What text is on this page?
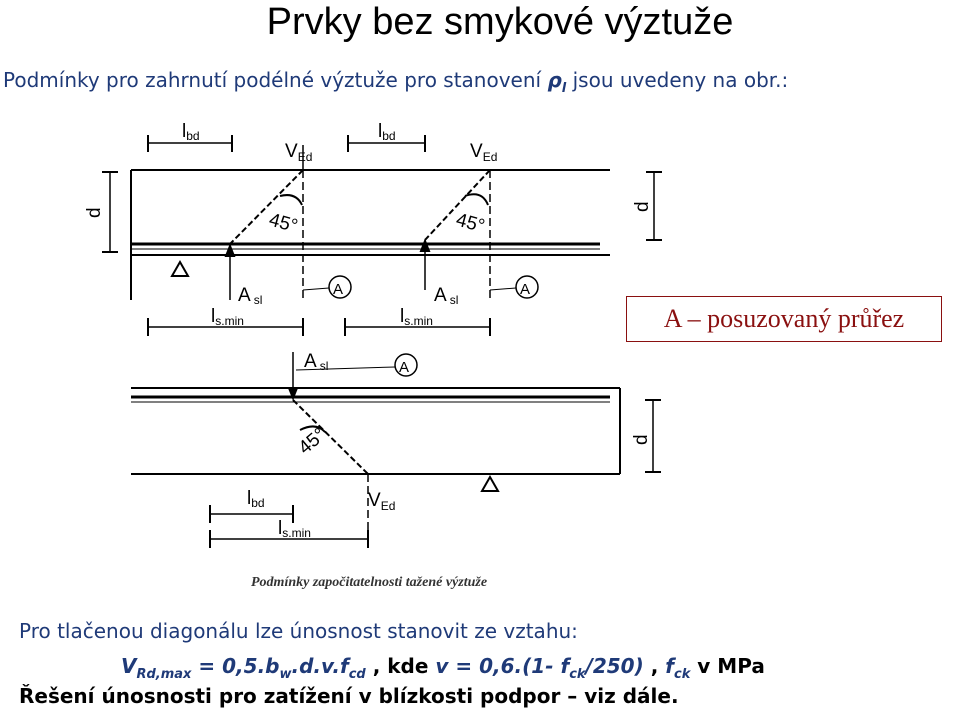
Prvky bez smykové výztuže
Podmínky pro zahrnutí podélné výztuže pro stanovení $\rho_l$ jsou uvedeny na obr.:
lbd	lbd
$V_{Ed}$	$V_{Ed}$
d
d
45°	45°
Asl	Asl
ls.min	ls.min
A	A
Asl	A
45°	d
lbd	$V_{Ed}$
ls.min
A – posuzovaný průřez
Podmínky započitatelnosti tažené výztuže
Pro tlačenou diagonálu lze únosnost stanovit ze vztahu:
$V_{Rd,max} = 0,5.b_w.d.v.f_{cd}$ , kde v = 0,6.(1- $f_{ck}/250$) , $f_{ck}$ v MPa
Řešení únosnosti pro zatížení v blízkosti podpor – viz dále.
